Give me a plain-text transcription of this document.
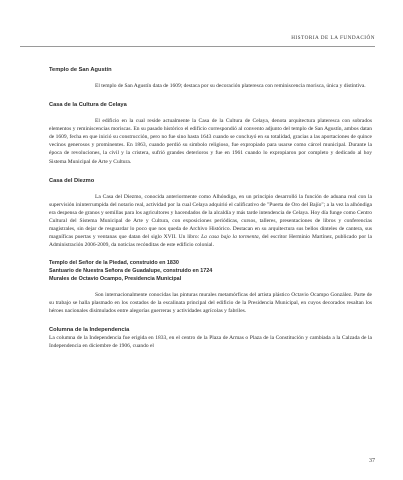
HISTORIA DE LA FUNDACIÓN
Templo de San Agustín

El templo de San Agustín data de 1609; destaca por su decoración plateresca con reminiscencia morisca, única y distintiva.

Casa de la Cultura de Celaya

El edificio en la cual reside actualmente la Casa de la Cultura de Celaya, denota arquitectura plateresca con sobrados elementos y reminiscencias moriscas. En su pasado histórico el edificio correspondió al convento adjunto del templo de San Agustín, ambos datan de 1609, fecha en que inició su construcción, pero no fue sino hasta 1643 cuando se concluyó en su totalidad, gracias a las aportaciones de quince vecinos generosos y prominentes. En 1863, cuando perdió su simbolo religioso, fue expropiado para usarse como cárcel municipal. Durante la época de revoluciones, la civil y la cristera, sufrió grandes deterioros y fue en 1961 cuando lo expropiaron por completo y dedicado al hoy Sistema Municipal de Arte y Cultura.

Casa del Diezmo

La Casa del Diezmo, conocida anteriormente como Alhóndiga, en un principio desarrolló la función de aduana real con la supervisión ininterrumpida del notario real, actividad por la cual Celaya adquirió el calificativo de "Puerta de Oro del Bajío"; a la vez la alhóndiga era despensa de granos y semillas para los agricultores y hacendados de la alcaldía y más tarde intendencia de Celaya. Hoy día funge como Centro Cultural del Sistema Municipal de Arte y Cultura, con exposiciones periódicas, cursos, talleres, presentaciones de libros y conferencias magistrales, sin dejar de resguardar lo poco que nos queda de Archivo Histórico. Destacan en su arquitectura sus bellos dinteles de cantera, sus magníficas puertas y ventanas que datan del siglo XVII. Un libro: La casa bajo la tormenta, del escritor Herminio Martínez, publicado por la Administración 2006-2009, da noticias recónditas de este edificio colonial.

Templo del Señor de la Piedad, construido en 1830
Santuario de Nuestra Señora de Guadalupe, construido en 1724
Murales de Octavio Ocampo, Presidencia Municipal

Son internacionalmente conocidas las pinturas murales metamórficas del artista plástico Octavio Ocampo González. Parte de su trabajo se halla plasmado en los costados de la escalinata principal del edificio de la Presidencia Municipal, en cuyos decorados resaltan los héroes nacionales disimulados entre alegorías guerreras y actividades agrícolas y fabriles.

Columna de la Independencia

La columna de la Independencia fue erigida en 1833, en el centro de la Plaza de Armas o Plaza de la Constitución y cambiada a la Calzada de la Independencia en diciembre de 1906, cuando el

37
